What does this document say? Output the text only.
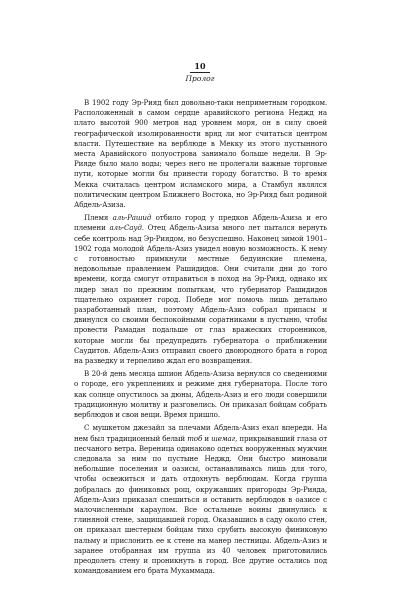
10
Пролог

В 1902 году Эр-Рияд был довольно-таки неприметным городком. Расположенный в самом сердце аравийского региона Неджд на плато высотой 900 метров над уровнем моря, он в силу своей географической изолированности вряд ли мог считаться центром власти. Путешествие на верблюде в Мекку из этого пустынного места Аравийского полуострова занимало больше недели. В Эр-Рияде было мало воды; через него не пролегали важные торговые пути, которые могли бы принести городу богатство. В то время Мекка считалась центром исламского мира, а Стамбул являлся политическим центром Ближнего Востока, но Эр-Рияд был родиной Абдель-Азиза.

Племя аль-Рашид отбило город у предков Абдель-Азиза и его племени аль-Сауд. Отец Абдель-Азиза много лет пытался вернуть себе контроль над Эр-Риядом, но безуспешно. Наконец зимой 1901–1902 года молодой Абдель-Азиз увидел новую возможность. К нему с готовностью примкнули местные бедуинские племена, недовольные правлением Рашидидов. Они считали дни до того времени, когда смогут отправиться в поход на Эр-Рияд, однако их лидер знал по прежним попыткам, что губернатор Рашидидов тщательно охраняет город. Победе мог помочь лишь детально разработанный план, поэтому Абдель-Азиз собрал припасы и двинулся со своими беспокойными соратниками в пустыню, чтобы провести Рамадан подальше от глаз вражеских сторонников, которые могли бы предупредить губернатора о приближении Саудитов. Абдель-Азиз отправил своего двоюродного брата в город на разведку и терпеливо ждал его возвращения.

В 20-й день месяца шпион Абдель-Азиза вернулся со сведениями о городе, его укреплениях и режиме дня губернатора. После того как солнце опустилось за дюны, Абдель-Азиз и его люди совершили традиционную молитву и разговелись. Он приказал бойцам собрать верблюдов и свои вещи. Время пришло.

С мушкетом джезайл за плечами Абдель-Азиз ехал впереди. На нем был традиционный белый тоб и шемаг, прикрывавший глаза от песчаного ветра. Вереница одинаково одетых вооруженных мужчин следовала за ним по пустыне Неджд. Они быстро миновали небольшие поселения и оазисы, останавливаясь лишь для того, чтобы освежиться и дать отдохнуть верблюдам. Когда группа добралась до финиковых рощ, окружавших пригороды Эр-Рияда, Абдель-Азиз приказал спешиться и оставить верблюдов в оазисе с малочисленным караулом. Все остальные воины двинулись к глиняной стене, защищавшей город. Оказавшись в саду около стен, он приказал шестерым бойцам тихо срубить высокую финиковую пальму и прислонить ее к стене на манер лестницы. Абдель-Азиз и заранее отобранная им группа из 40 человек приготовились преодолеть стену и проникнуть в город. Все другие остались под командованием его брата Мухаммада.
